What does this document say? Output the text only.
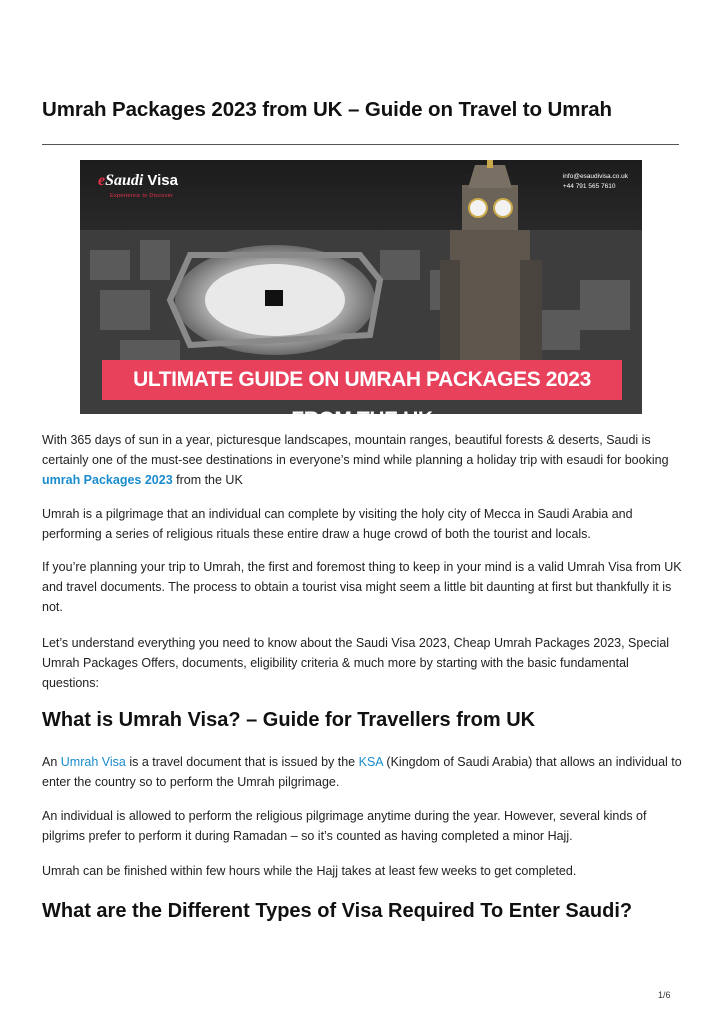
Umrah Packages 2023 from UK – Guide on Travel to Umrah
eSaudi Visa
Experience to Discover
info@esaudivisa.co.uk
+44 791 565 7610
ULTIMATE GUIDE ON UMRAH PACKAGES 2023 FROM THE UK

With 365 days of sun in a year, picturesque landscapes, mountain ranges, beautiful forests & deserts, Saudi is certainly one of the must-see destinations in everyone’s mind while planning a holiday trip with esaudi for booking umrah Packages 2023 from the UK

Umrah is a pilgrimage that an individual can complete by visiting the holy city of Mecca in Saudi Arabia and performing a series of religious rituals these entire draw a huge crowd of both the tourist and locals.

If you’re planning your trip to Umrah, the first and foremost thing to keep in your mind is a valid Umrah Visa from UK and travel documents. The process to obtain a tourist visa might seem a little bit daunting at first but thankfully it is not.

Let’s understand everything you need to know about the Saudi Visa 2023, Cheap Umrah Packages 2023, Special Umrah Packages Offers, documents, eligibility criteria & much more by starting with the basic fundamental questions:

What is Umrah Visa? – Guide for Travellers from UK

An Umrah Visa is a travel document that is issued by the KSA (Kingdom of Saudi Arabia) that allows an individual to enter the country so to perform the Umrah pilgrimage.

An individual is allowed to perform the religious pilgrimage anytime during the year. However, several kinds of pilgrims prefer to perform it during Ramadan – so it’s counted as having completed a minor Hajj.

Umrah can be finished within few hours while the Hajj takes at least few weeks to get completed.

What are the Different Types of Visa Required To Enter Saudi?
1/6
